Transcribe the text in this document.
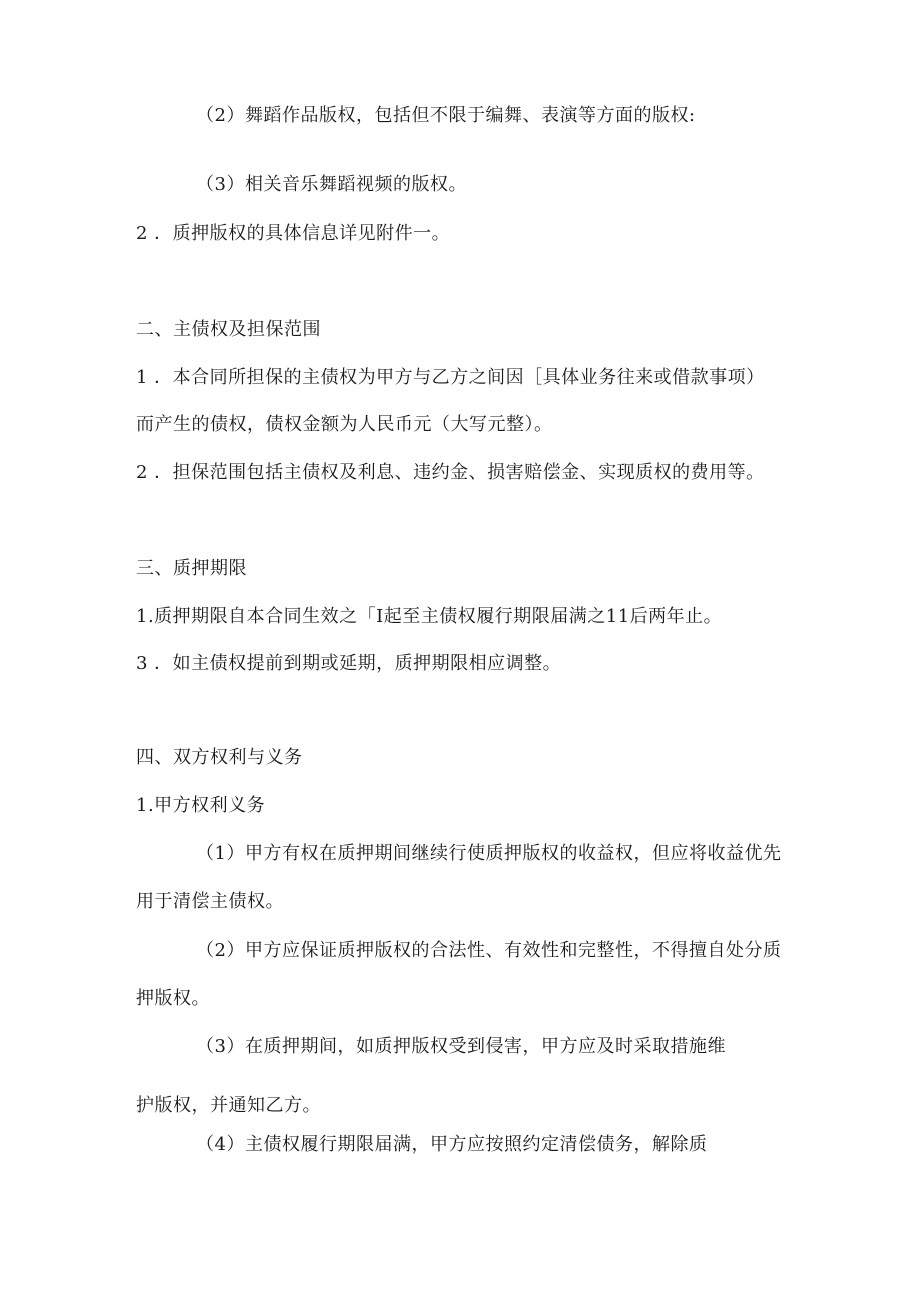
（2）舞蹈作品版权，包括但不限于编舞、表演等方面的版权:
（3）相关音乐舞蹈视频的版权。
2 ．质押版权的具体信息详见附件一。
二、主债权及担保范围
1 ．本合同所担保的主债权为甲方与乙方之间因［具体业务往来或借款事项）
而产生的债权，债权金额为人民币元（大写元整）。
2 ．担保范围包括主债权及利息、违约金、损害赔偿金、实现质权的费用等。
三、质押期限
1.质押期限自本合同生效之「I起至主债权履行期限届满之11后两年止。
3 ．如主债权提前到期或延期，质押期限相应调整。
四、双方权利与义务
1.甲方权利义务
（1）甲方有权在质押期间继续行使质押版权的收益权，但应将收益优先
用于清偿主债权。
（2）甲方应保证质押版权的合法性、有效性和完整性，不得擅自处分质
押版权。
（3）在质押期间，如质押版权受到侵害，甲方应及时采取措施维
护版权，并通知乙方。
（4）主债权履行期限届满，甲方应按照约定清偿债务，解除质
